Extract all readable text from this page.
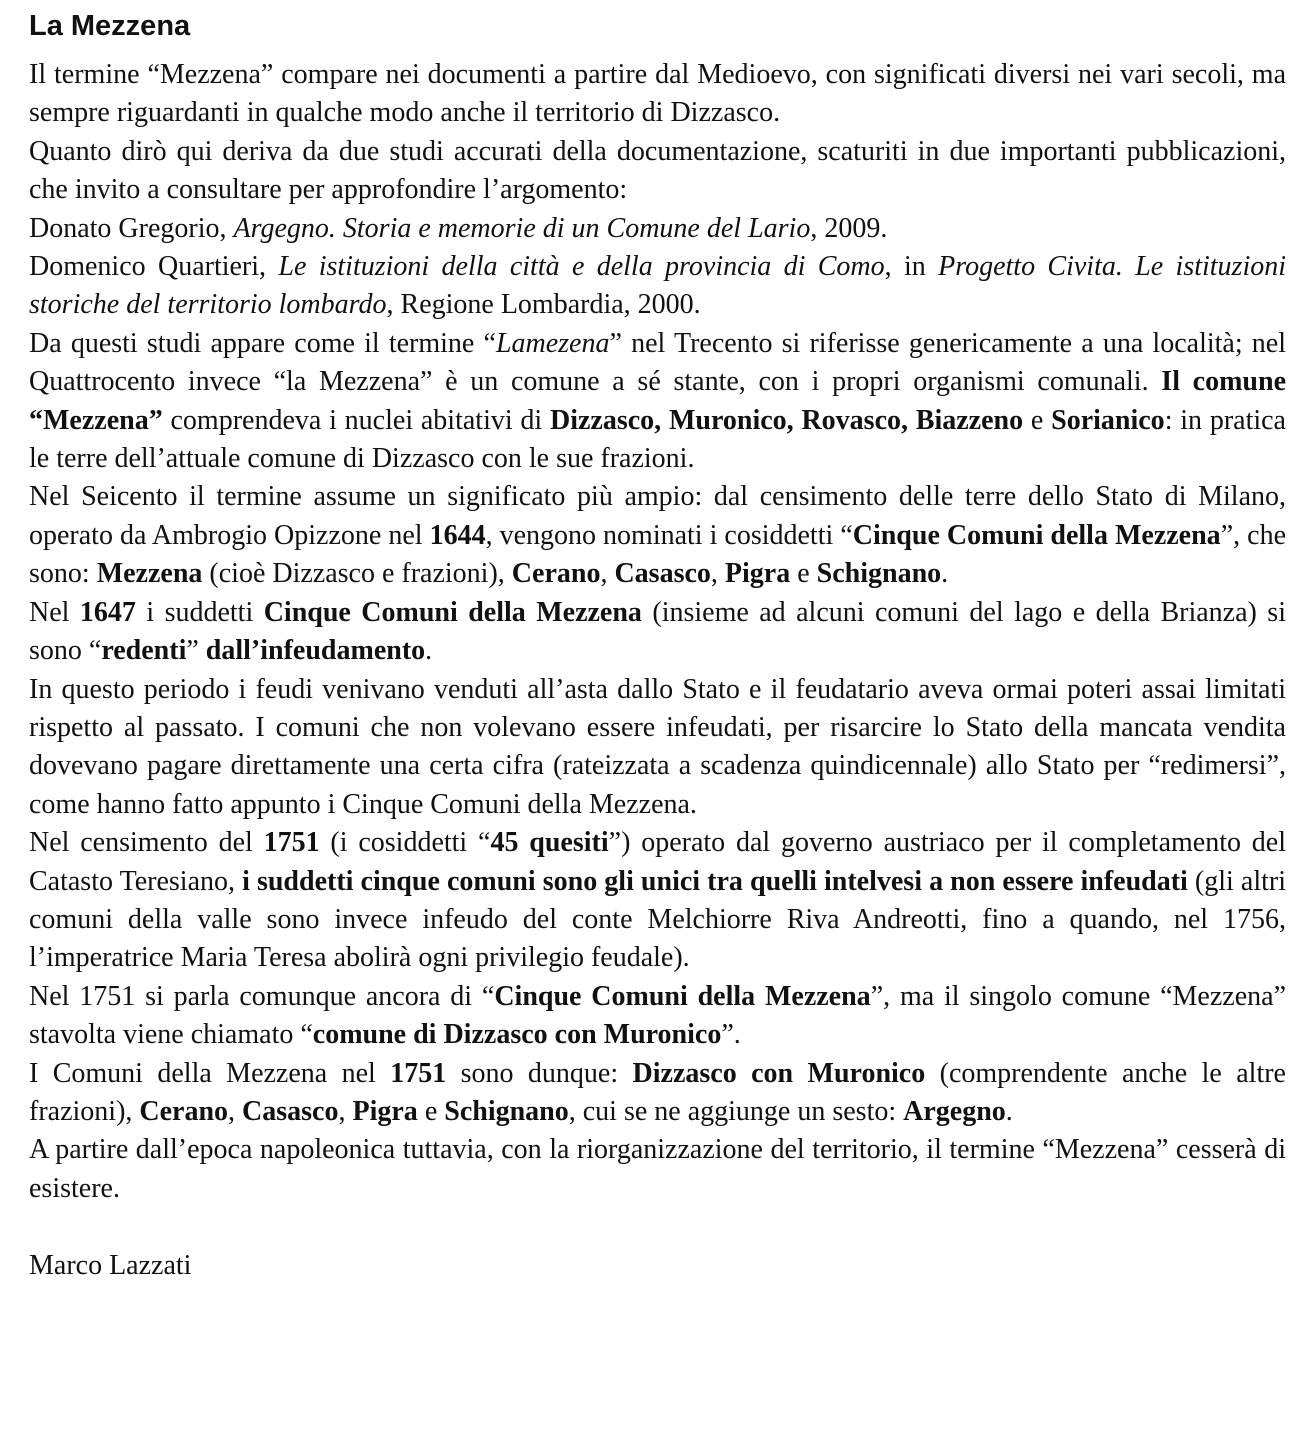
La Mezzena

Il termine “Mezzena” compare nei documenti a partire dal Medioevo, con significati diversi nei vari secoli, ma sempre riguardanti in qualche modo anche il territorio di Dizzasco.

Quanto dirò qui deriva da due studi accurati della documentazione, scaturiti in due importanti pubblicazioni, che invito a consultare per approfondire l’argomento:

Donato Gregorio, Argegno. Storia e memorie di un Comune del Lario, 2009.

Domenico Quartieri, Le istituzioni della città e della provincia di Como, in Progetto Civita. Le istituzioni storiche del territorio lombardo, Regione Lombardia, 2000.

Da questi studi appare come il termine “Lamezena” nel Trecento si riferisse genericamente a una località; nel Quattrocento invece “la Mezzena” è un comune a sé stante, con i propri organismi comunali. Il comune “Mezzena” comprendeva i nuclei abitativi di Dizzasco, Muronico, Rovasco, Biazzeno e Sorianico: in pratica le terre dell’attuale comune di Dizzasco con le sue frazioni.

Nel Seicento il termine assume un significato più ampio: dal censimento delle terre dello Stato di Milano, operato da Ambrogio Opizzone nel 1644, vengono nominati i cosiddetti “Cinque Comuni della Mezzena”, che sono: Mezzena (cioè Dizzasco e frazioni), Cerano, Casasco, Pigra e Schignano.

Nel 1647 i suddetti Cinque Comuni della Mezzena (insieme ad alcuni comuni del lago e della Brianza) si sono “redenti” dall’infeudamento.

In questo periodo i feudi venivano venduti all’asta dallo Stato e il feudatario aveva ormai poteri assai limitati rispetto al passato. I comuni che non volevano essere infeudati, per risarcire lo Stato della mancata vendita dovevano pagare direttamente una certa cifra (rateizzata a scadenza quindicennale) allo Stato per “redimersi”, come hanno fatto appunto i Cinque Comuni della Mezzena.

Nel censimento del 1751 (i cosiddetti “45 quesiti”) operato dal governo austriaco per il completamento del Catasto Teresiano, i suddetti cinque comuni sono gli unici tra quelli intelvesi a non essere infeudati (gli altri comuni della valle sono invece infeudo del conte Melchiorre Riva Andreotti, fino a quando, nel 1756, l’imperatrice Maria Teresa abolirà ogni privilegio feudale).

Nel 1751 si parla comunque ancora di “Cinque Comuni della Mezzena”, ma il singolo comune “Mezzena” stavolta viene chiamato “comune di Dizzasco con Muronico”.

I Comuni della Mezzena nel 1751 sono dunque: Dizzasco con Muronico (comprendente anche le altre frazioni), Cerano, Casasco, Pigra e Schignano, cui se ne aggiunge un sesto: Argegno.

A partire dall’epoca napoleonica tuttavia, con la riorganizzazione del territorio, il termine “Mezzena” cesserà di esistere.

Marco Lazzati
